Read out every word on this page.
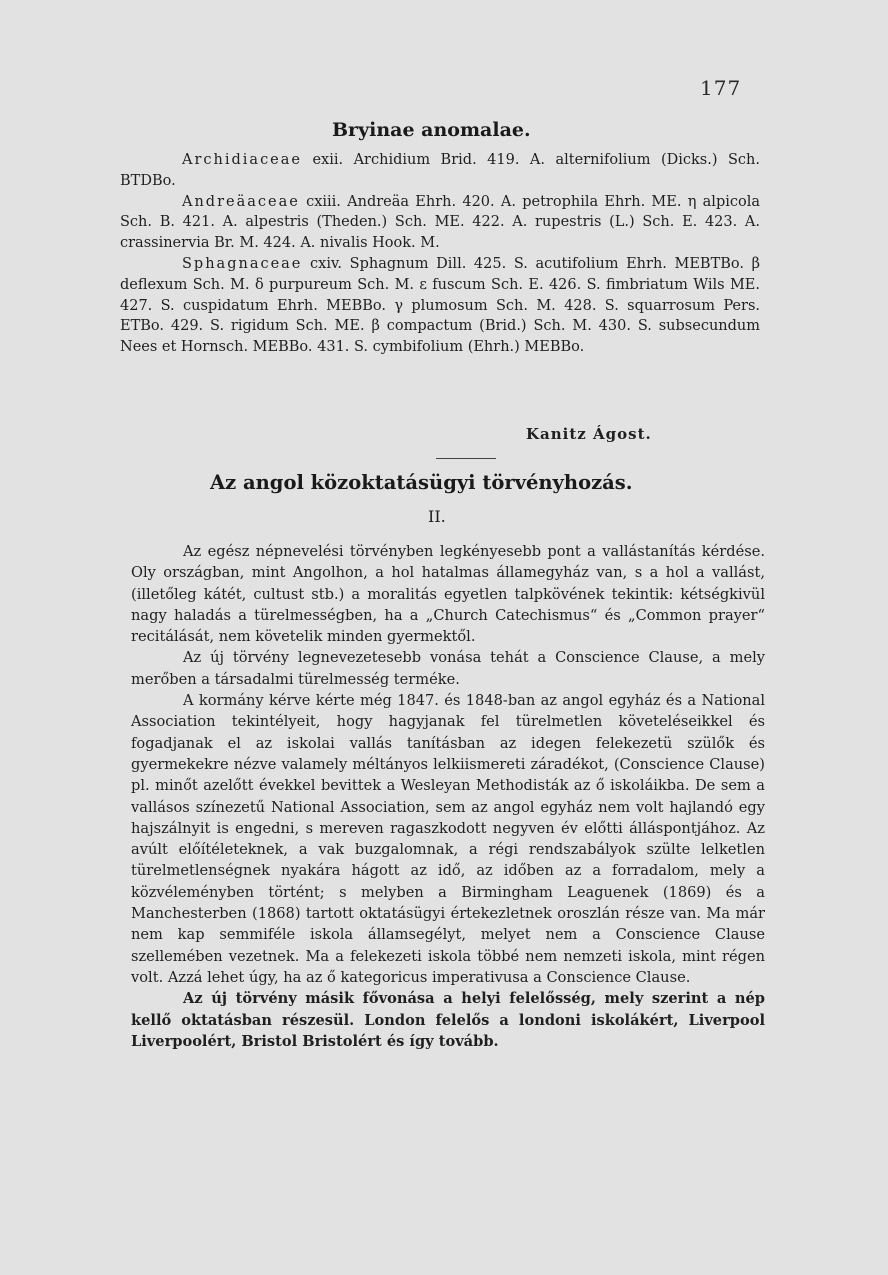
177
Bryinae anomalae.

Archidiaceae exii. Archidium Brid. 419. A. alternifolium (Dicks.) Sch. BTDBo.

Andreäaceae cxiii. Andreäa Ehrh. 420. A. petrophila Ehrh. ME. η alpicola Sch. B. 421. A. alpestris (Theden.) Sch. ME. 422. A. rupestris (L.) Sch. E. 423. A. crassinervia Br. M. 424. A. nivalis Hook. M.

Sphagnaceae cxiv. Sphagnum Dill. 425. S. acutifolium Ehrh. MEBTBo. β deflexum Sch. M. δ purpureum Sch. M. ε fuscum Sch. E. 426. S. fimbriatum Wils ME. 427. S. cuspidatum Ehrh. MEBBo. γ plumosum Sch. M. 428. S. squarrosum Pers. ETBo. 429. S. rigidum Sch. ME. β compactum (Brid.) Sch. M. 430. S. subsecundum Nees et Hornsch. MEBBo. 431. S. cymbifolium (Ehrh.) MEBBo.

Kanitz Ágost.
Az angol közoktatásügyi törvényhozás.
II.

Az egész népnevelési törvényben legkényesebb pont a vallástanítás kérdése. Oly országban, mint Angolhon, a hol hatalmas államegyház van, s a hol a vallást, (illetőleg kátét, cultust stb.) a moralitás egyetlen talpkövének tekintik: kétségkivül nagy haladás a türelmességben, ha a „Church Catechismus“ és „Common prayer“ recitálását, nem követelik minden gyermektől.

Az új törvény legnevezetesebb vonása tehát a Conscience Clause, a mely merőben a társadalmi türelmesség terméke.

A kormány kérve kérte még 1847. és 1848-ban az angol egyház és a National Association tekintélyeit, hogy hagyjanak fel türelmetlen követeléseikkel és fogadjanak el az iskolai vallás tanításban az idegen felekezetü szülők és gyermekekre nézve valamely méltányos lelkiismereti záradékot, (Conscience Clause) pl. minőt azelőtt évekkel bevittek a Wesleyan Methodisták az ő iskoláikba. De sem a vallásos színezetű National Association, sem az angol egyház nem volt hajlandó egy hajszálnyit is engedni, s mereven ragaszkodott negyven év előtti álláspontjához. Az avúlt előítéleteknek, a vak buzgalomnak, a régi rendszabályok szülte lelketlen türelmetlenségnek nyakára hágott az idő, az időben az a forradalom, mely a közvéleményben történt; s melyben a Birmingham Leaguenek (1869) és a Manchesterben (1868) tartott oktatásügyi értekezletnek oroszlán része van. Ma már nem kap semmiféle iskola államsegélyt, melyet nem a Conscience Clause szellemében vezetnek. Ma a felekezeti iskola többé nem nemzeti iskola, mint régen volt. Azzá lehet úgy, ha az ő kategoricus imperativusa a Conscience Clause.

Az új törvény másik fővonása a helyi felelősség, mely szerint a nép kellő oktatásban részesül. London felelős a londoni iskolákért, Liverpool Liverpoolért, Bristol Bristolért és így tovább.
